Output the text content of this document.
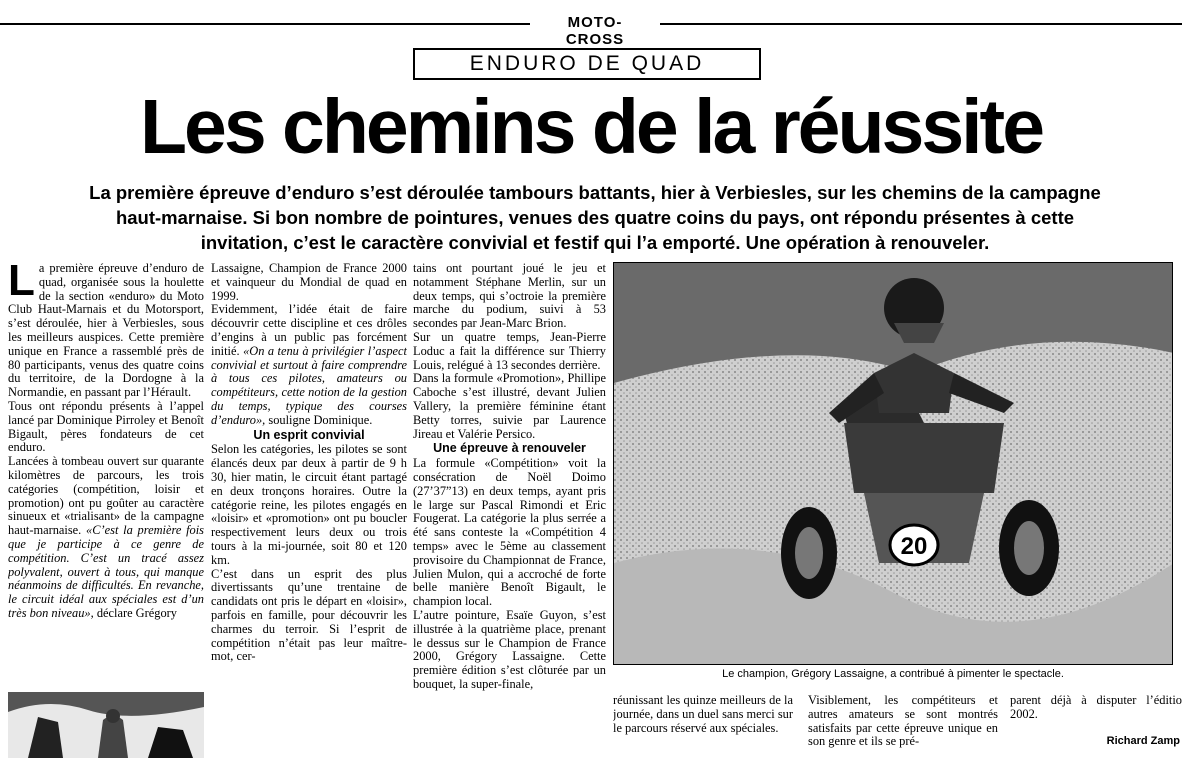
MOTO-CROSS
ENDURO DE QUAD
Les chemins de la réussite
La première épreuve d’enduro s’est déroulée tambours battants, hier à Verbiesles, sur les chemins de la campagne haut-marnaise. Si bon nombre de pointures, venues des quatre coins du pays, ont répondu présentes à cette invitation, c’est le caractère convivial et festif qui l’a emporté. Une opération à renouveler.

La première épreuve d’enduro de quad, organisée sous la houlette de la section «enduro» du Moto Club Haut-Marnais et du Motorsport, s’est déroulée, hier à Verbiesles, sous les meilleurs auspices. Cette première unique en France a rassemblé près de 80 participants, venus des quatre coins du territoire, de la Dordogne à la Normandie, en passant par l’Hérault.

Tous ont répondu présents à l’appel lancé par Dominique Pirroley et Benoît Bigault, pères fondateurs de cet enduro.

Lancées à tombeau ouvert sur quarante kilomètres de parcours, les trois catégories (compétition, loisir et promotion) ont pu goûter au caractère sinueux et «trialisant» de la campagne haut-marnaise. «C’est la première fois que je participe à ce genre de compétition. C’est un tracé assez polyvalent, ouvert à tous, qui manque néanmoins de difficultés. En revanche, le circuit idéal aux spéciales est d’un très bon niveau», déclare Grégory

Lassaigne, Champion de France 2000 et vainqueur du Mondial de quad en 1999.

Evidemment, l’idée était de faire découvrir cette discipline et ces drôles d’engins à un public pas forcément initié. «On a tenu à privilégier l’aspect convivial et surtout à faire comprendre à tous ces pilotes, amateurs ou compétiteurs, cette notion de la gestion du temps, typique des courses d’enduro», souligne Dominique.

Un esprit convivial

Selon les catégories, les pilotes se sont élancés deux par deux à partir de 9 h 30, hier matin, le circuit étant partagé en deux tronçons horaires. Outre la catégorie reine, les pilotes engagés en «loisir» et «promotion» ont pu boucler respectivement leurs deux ou trois tours à la mi-journée, soit 80 et 120 km.

C’est dans un esprit des plus divertissants qu’une trentaine de candidats ont pris le départ en «loisir», parfois en famille, pour découvrir les charmes du terroir. Si l’esprit de compétition n’était pas leur maître-mot, cer-

tains ont pourtant joué le jeu et notamment Stéphane Merlin, sur un deux temps, qui s’octroie la première marche du podium, suivi à 53 secondes par Jean-Marc Brion.

Sur un quatre temps, Jean-Pierre Loduc a fait la différence sur Thierry Louis, relégué à 13 secondes derrière.

Dans la formule «Promotion», Phillipe Caboche s’est illustré, devant Julien Vallery, la première féminine étant Betty torres, suivie par Laurence Jireau et Valérie Persico.

Une épreuve à renouveler

La formule «Compétition» voit la consécration de Noël Doimo (27’37”13) en deux temps, ayant pris le large sur Pascal Rimondi et Eric Fougerat. La catégorie la plus serrée a été sans conteste la «Compétition 4 temps» avec le 5ème au classement provisoire du Championnat de France, Julien Mulon, qui a accroché de forte belle manière Benoît Bigault, le champion local.

L’autre pointure, Esaïe Guyon, s’est illustrée à la quatrième place, prenant le dessus sur le Champion de France 2000, Grégory Lassaigne. Cette première édition s’est clôturée par un bouquet, la super-finale,

20
Le champion, Grégory Lassaigne, a contribué à pimenter le spectacle.
réunissant les quinze meilleurs de la journée, dans un duel sans merci sur le parcours réservé aux spéciales.
Visiblement, les compétiteurs et autres amateurs se sont montrés satisfaits par cette épreuve unique en son genre et ils se pré-
parent déjà à disputer l’éditio 2002.
Richard Zamp
